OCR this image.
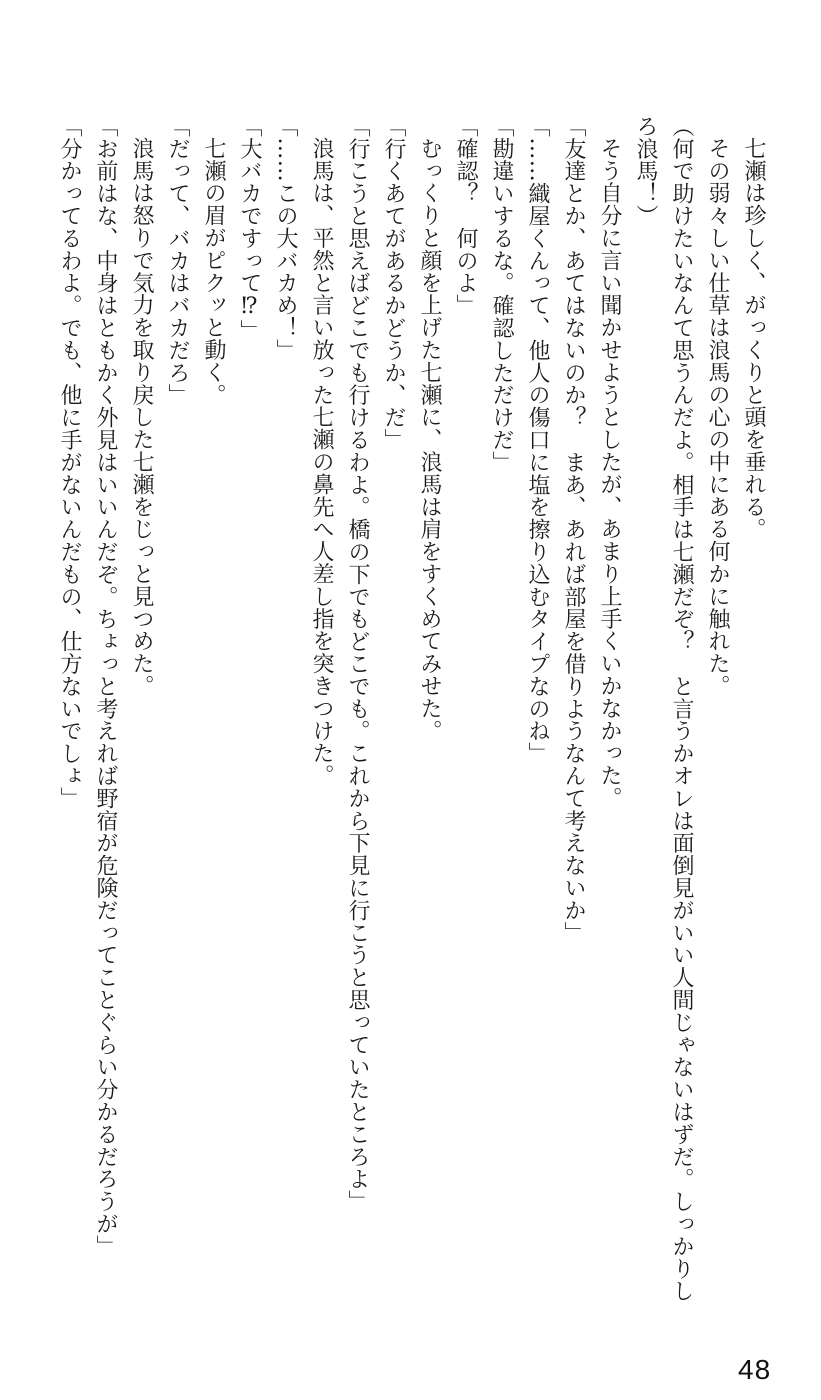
七瀬は珍しく、がっくりと頭を垂れる。

その弱々しい仕草は浪馬の心の中にある何かに触れた。

（何で助けたいなんて思うんだよ。相手は七瀬だぞ？　と言うかオレは面倒見がいい人間じゃないはずだ。しっかりしろ浪馬！）

そう自分に言い聞かせようとしたが、あまり上手くいかなかった。

「友達とか、あてはないのか？　まあ、あれば部屋を借りようなんて考えないか」

「……織屋くんって、他人の傷口に塩を擦り込むタイプなのね」

「勘違いするな。確認しただけだ」

「確認？　何のよ」

むっくりと顔を上げた七瀬に、浪馬は肩をすくめてみせた。

「行くあてがあるかどうか、だ」

「行こうと思えばどこでも行けるわよ。橋の下でもどこでも。これから下見に行こうと思っていたところよ」

浪馬は、平然と言い放った七瀬の鼻先へ人差し指を突きつけた。

「……この大バカめ！」

「大バカですって⁉」

七瀬の眉がピクッと動く。

「だって、バカはバカだろ」

浪馬は怒りで気力を取り戻した七瀬をじっと見つめた。

「お前はな、中身はともかく外見はいいんだぞ。ちょっと考えれば野宿が危険だってことぐらい分かるだろうが」

「分かってるわよ。でも、他に手がないんだもの、仕方ないでしょ」

48
